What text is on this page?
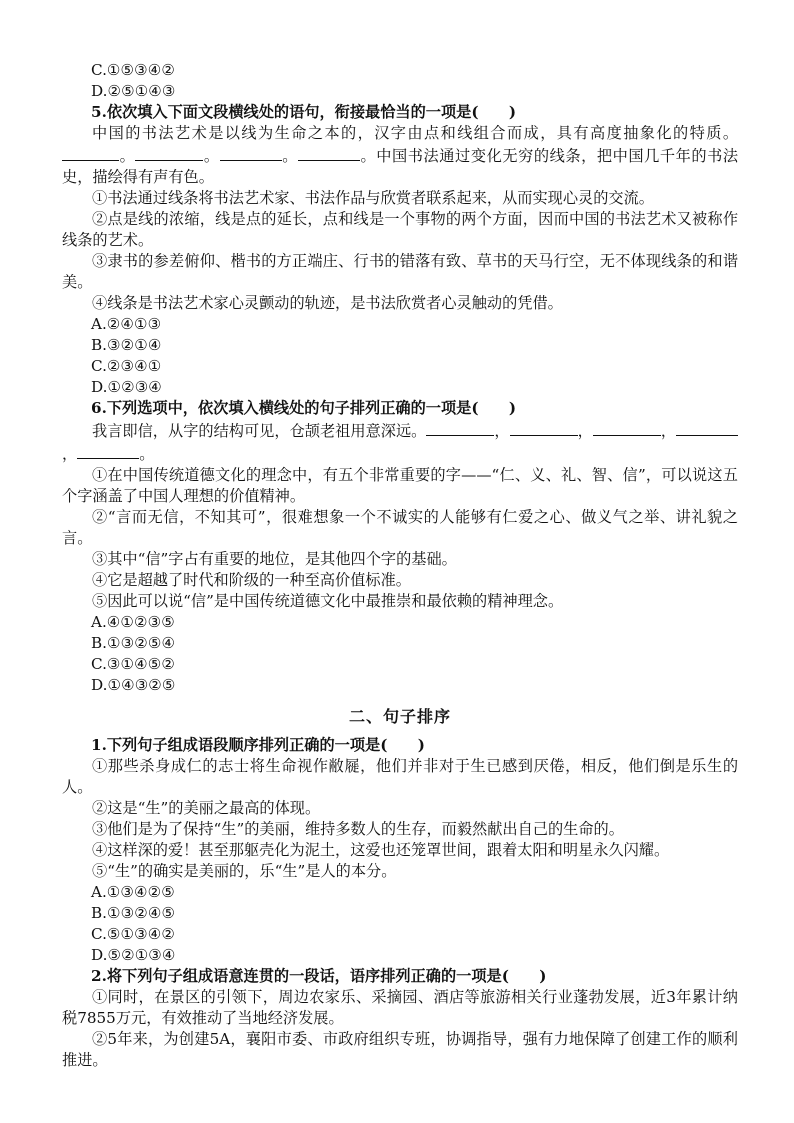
C.①⑤③④②
D.②⑤①④③
5.依次填入下面文段横线处的语句，衔接最恰当的一项是(　　)
中国的书法艺术是以线为生命之本的，汉字由点和线组合而成，具有高度抽象化的特质。。	。	。	。中国书法通过变化无穷的线条，把中国几千年的书法史，描绘得有声有色。
①书法通过线条将书法艺术家、书法作品与欣赏者联系起来，从而实现心灵的交流。
②点是线的浓缩，线是点的延长，点和线是一个事物的两个方面，因而中国的书法艺术又被称作线条的艺术。
③隶书的参差俯仰、楷书的方正端庄、行书的错落有致、草书的天马行空，无不体现线条的和谐美。
④线条是书法艺术家心灵颤动的轨迹，是书法欣赏者心灵触动的凭借。
A.②④①③
B.③②①④
C.②③④①
D.①②③④
6.下列选项中，依次填入横线处的句子排列正确的一项是(　　)
我言即信，从字的结构可见，仓颉老祖用意深远。	，	，	，，	。
①在中国传统道德文化的理念中，有五个非常重要的字——“仁、义、礼、智、信”，可以说这五个字涵盖了中国人理想的价值精神。
②“言而无信，不知其可”，很难想象一个不诚实的人能够有仁爱之心、做义气之举、讲礼貌之言。
③其中“信”字占有重要的地位，是其他四个字的基础。
④它是超越了时代和阶级的一种至高价值标准。
⑤因此可以说“信”是中国传统道德文化中最推崇和最依赖的精神理念。
A.④①②③⑤
B.①③②⑤④
C.③①④⑤②
D.①④③②⑤
二、句子排序
1.下列句子组成语段顺序排列正确的一项是(　　)
①那些杀身成仁的志士将生命视作敝屣，他们并非对于生已感到厌倦，相反，他们倒是乐生的人。
②这是“生”的美丽之最高的体现。
③他们是为了保持“生”的美丽，维持多数人的生存，而毅然献出自己的生命的。
④这样深的爱！甚至那躯壳化为泥土，这爱也还笼罩世间，跟着太阳和明星永久闪耀。
⑤“生”的确实是美丽的，乐“生”是人的本分。
A.①③④②⑤
B.①③②④⑤
C.⑤①③④②
D.⑤②①③④
2.将下列句子组成语意连贯的一段话，语序排列正确的一项是(　　)
①同时，在景区的引领下，周边农家乐、采摘园、酒店等旅游相关行业蓬勃发展，近3年累计纳税7855万元，有效推动了当地经济发展。
②5年来，为创建5A，襄阳市委、市政府组织专班，协调指导，强有力地保障了创建工作的顺利推进。
